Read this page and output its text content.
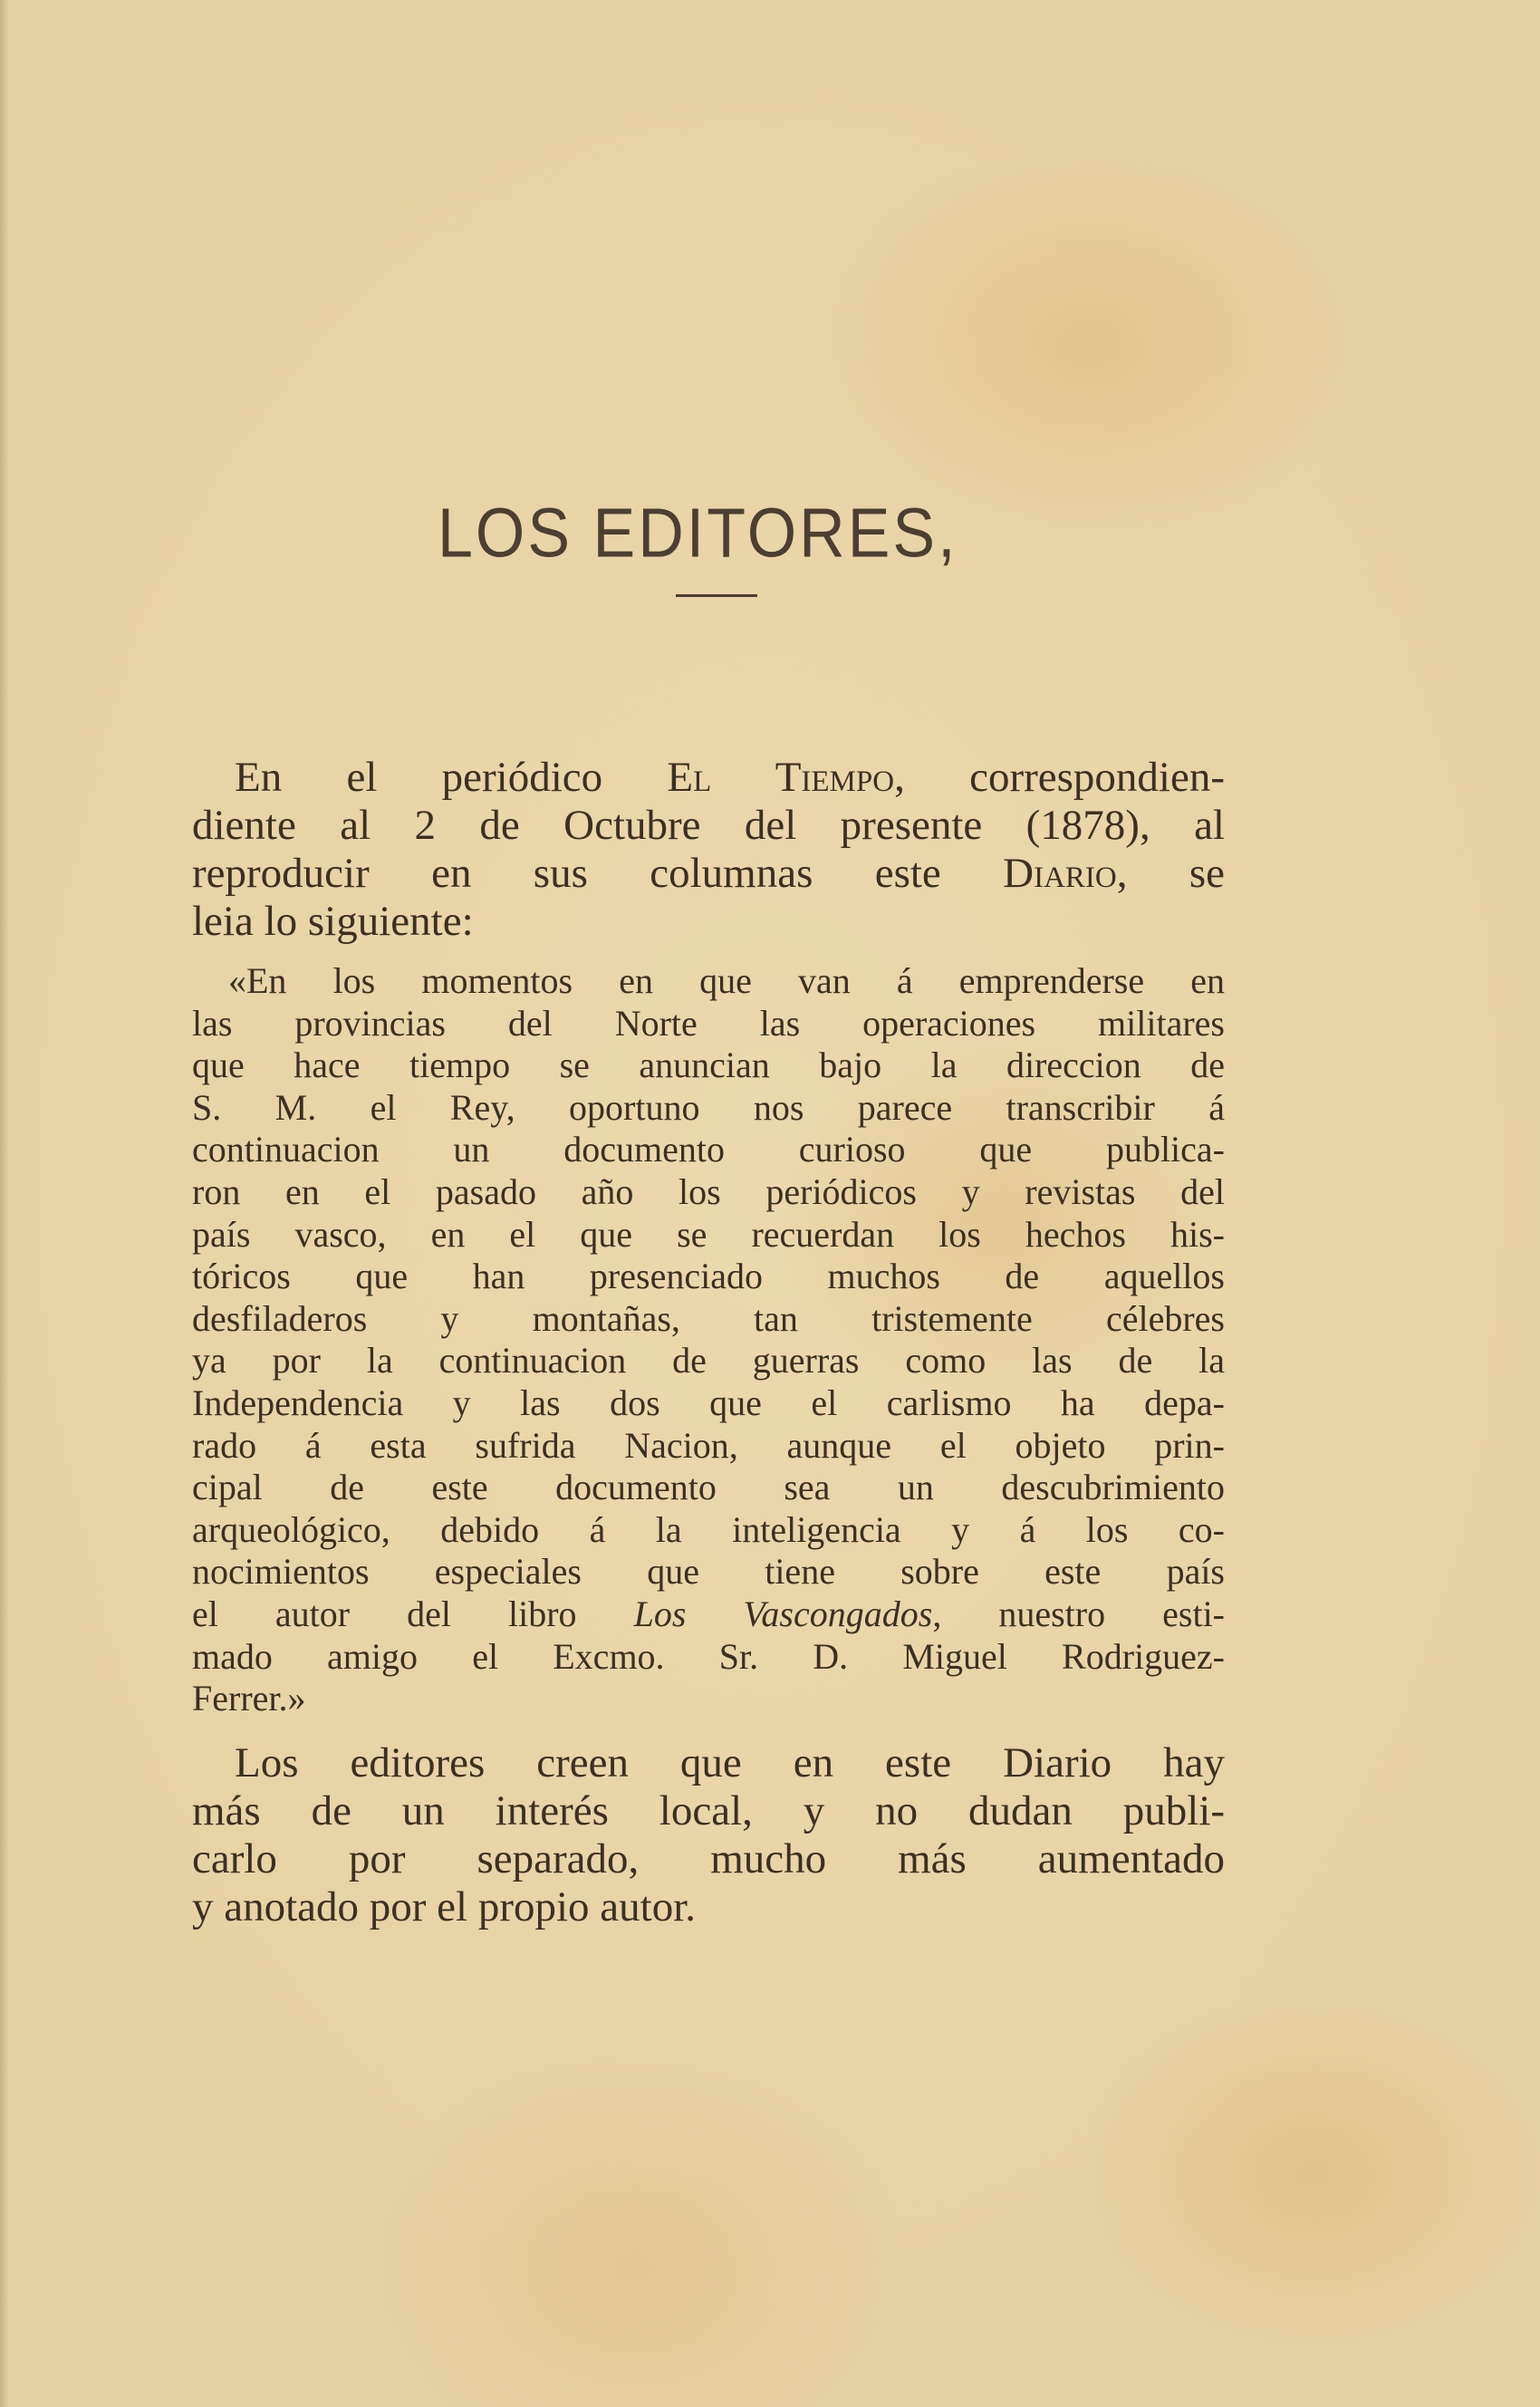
LOS EDITORES,
 En el periódico El Tiempo, correspondien-
diente al 2 de Octubre del presente (1878), al
reproducir en sus columnas este Diario, se
leia lo siguiente:
 «En los momentos en que van á emprenderse en
las provincias del Norte las operaciones militares
que hace tiempo se anuncian bajo la direccion de
S. M. el Rey, oportuno nos parece transcribir á
continuacion un documento curioso que publica-
ron en el pasado año los periódicos y revistas del
país vasco, en el que se recuerdan los hechos his-
tóricos que han presenciado muchos de aquellos
desfiladeros y montañas, tan tristemente célebres
ya por la continuacion de guerras como las de la
Independencia y las dos que el carlismo ha depa-
rado á esta sufrida Nacion, aunque el objeto prin-
cipal de este documento sea un descubrimiento
arqueológico, debido á la inteligencia y á los co-
nocimientos especiales que tiene sobre este país
el autor del libro Los Vascongados, nuestro esti-
mado amigo el Excmo. Sr. D. Miguel Rodriguez-
Ferrer.»
 Los editores creen que en este Diario hay
más de un interés local, y no dudan publi-
carlo por separado, mucho más aumentado
y anotado por el propio autor.
